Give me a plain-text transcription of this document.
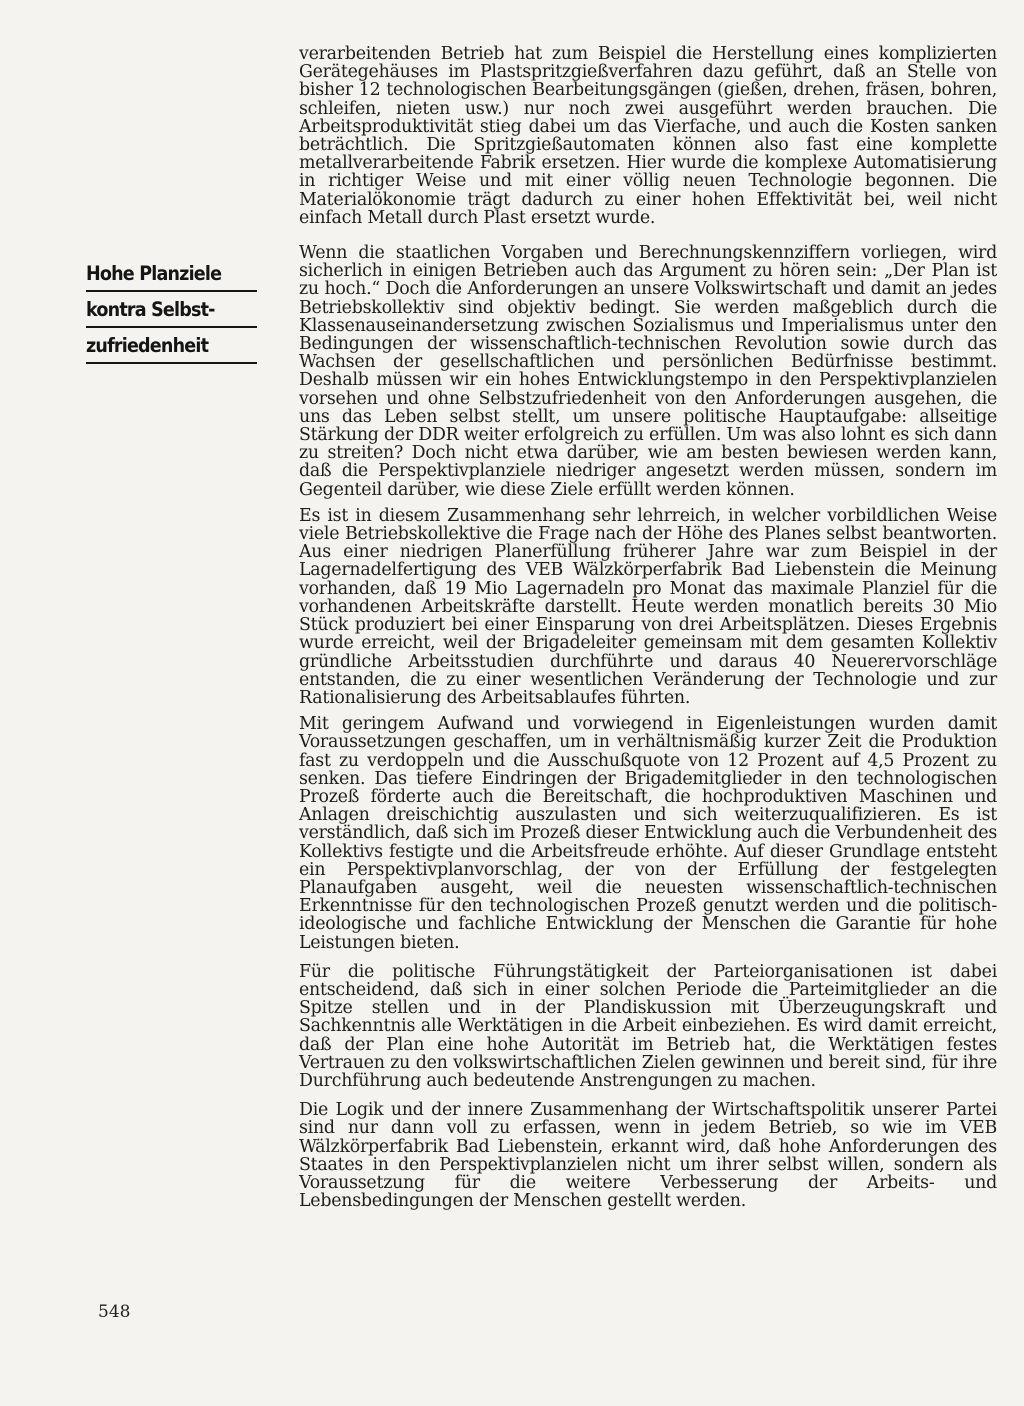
Hohe Planziele
kontra Selbst-
zufriedenheit

verarbeitenden Betrieb hat zum Beispiel die Herstellung eines komplizierten Gerätegehäuses im Plastspritzgießverfahren dazu geführt, daß an Stelle von bisher 12 technologischen Bearbeitungsgängen (gießen, drehen, fräsen, bohren, schleifen, nieten usw.) nur noch zwei ausgeführt werden brauchen. Die Arbeitsproduktivität stieg dabei um das Vierfache, und auch die Kosten sanken beträchtlich. Die Spritzgießautomaten können also fast eine komplette metallverarbeitende Fabrik ersetzen. Hier wurde die komplexe Automatisierung in richtiger Weise und mit einer völlig neuen Technologie begonnen. Die Materialökonomie trägt dadurch zu einer hohen Effektivität bei, weil nicht einfach Metall durch Plast ersetzt wurde.

Wenn die staatlichen Vorgaben und Berechnungskennziffern vorliegen, wird sicherlich in einigen Betrieben auch das Argument zu hören sein: „Der Plan ist zu hoch.“ Doch die Anforderungen an unsere Volkswirtschaft und damit an jedes Betriebskollektiv sind objektiv bedingt. Sie werden maßgeblich durch die Klassenauseinandersetzung zwischen Sozialismus und Imperialismus unter den Bedingungen der wissenschaftlich-technischen Revolution sowie durch das Wachsen der gesellschaftlichen und persönlichen Bedürfnisse bestimmt. Deshalb müssen wir ein hohes Entwicklungstempo in den Perspektivplanzielen vorsehen und ohne Selbstzufriedenheit von den Anforderungen ausgehen, die uns das Leben selbst stellt, um unsere politische Hauptaufgabe: allseitige Stärkung der DDR weiter erfolgreich zu erfüllen. Um was also lohnt es sich dann zu streiten? Doch nicht etwa darüber, wie am besten bewiesen werden kann, daß die Perspektivplanziele niedriger angesetzt werden müssen, sondern im Gegenteil darüber, wie diese Ziele erfüllt werden können.

Es ist in diesem Zusammenhang sehr lehrreich, in welcher vorbildlichen Weise viele Betriebskollektive die Frage nach der Höhe des Planes selbst beantworten. Aus einer niedrigen Planerfüllung früherer Jahre war zum Beispiel in der Lagernadelfertigung des VEB Wälzkörperfabrik Bad Liebenstein die Meinung vorhanden, daß 19 Mio Lagernadeln pro Monat das maximale Planziel für die vorhandenen Arbeitskräfte darstellt. Heute werden monatlich bereits 30 Mio Stück produziert bei einer Einsparung von drei Arbeitsplätzen. Dieses Ergebnis wurde erreicht, weil der Brigadeleiter gemeinsam mit dem gesamten Kollektiv gründliche Arbeitsstudien durchführte und daraus 40 Neuerervorschläge entstanden, die zu einer wesentlichen Veränderung der Technologie und zur Rationalisierung des Arbeitsablaufes führten.

Mit geringem Aufwand und vorwiegend in Eigenleistungen wurden damit Voraussetzungen geschaffen, um in verhältnismäßig kurzer Zeit die Produktion fast zu verdoppeln und die Ausschußquote von 12 Prozent auf 4,5 Prozent zu senken. Das tiefere Eindringen der Brigademitglieder in den technologischen Prozeß förderte auch die Bereitschaft, die hochproduktiven Maschinen und Anlagen dreischichtig auszulasten und sich weiterzuqualifizieren. Es ist verständlich, daß sich im Prozeß dieser Entwicklung auch die Verbundenheit des Kollektivs festigte und die Arbeitsfreude erhöhte. Auf dieser Grundlage entsteht ein Perspektivplanvorschlag, der von der Erfüllung der festgelegten Planaufgaben ausgeht, weil die neuesten wissenschaftlich-technischen Erkenntnisse für den technologischen Prozeß genutzt werden und die politisch-ideologische und fachliche Entwicklung der Menschen die Garantie für hohe Leistungen bieten.

Für die politische Führungstätigkeit der Parteiorganisationen ist dabei entscheidend, daß sich in einer solchen Periode die Parteimitglieder an die Spitze stellen und in der Plandiskussion mit Überzeugungskraft und Sachkenntnis alle Werktätigen in die Arbeit einbeziehen. Es wird damit erreicht, daß der Plan eine hohe Autorität im Betrieb hat, die Werktätigen festes Vertrauen zu den volkswirtschaftlichen Zielen gewinnen und bereit sind, für ihre Durchführung auch bedeutende Anstrengungen zu machen.

Die Logik und der innere Zusammenhang der Wirtschaftspolitik unserer Partei sind nur dann voll zu erfassen, wenn in jedem Betrieb, so wie im VEB Wälzkörperfabrik Bad Liebenstein, erkannt wird, daß hohe Anforderungen des Staates in den Perspektivplanzielen nicht um ihrer selbst willen, sondern als Voraussetzung für die weitere Verbesserung der Arbeits- und Lebensbedingungen der Menschen gestellt werden.

548
